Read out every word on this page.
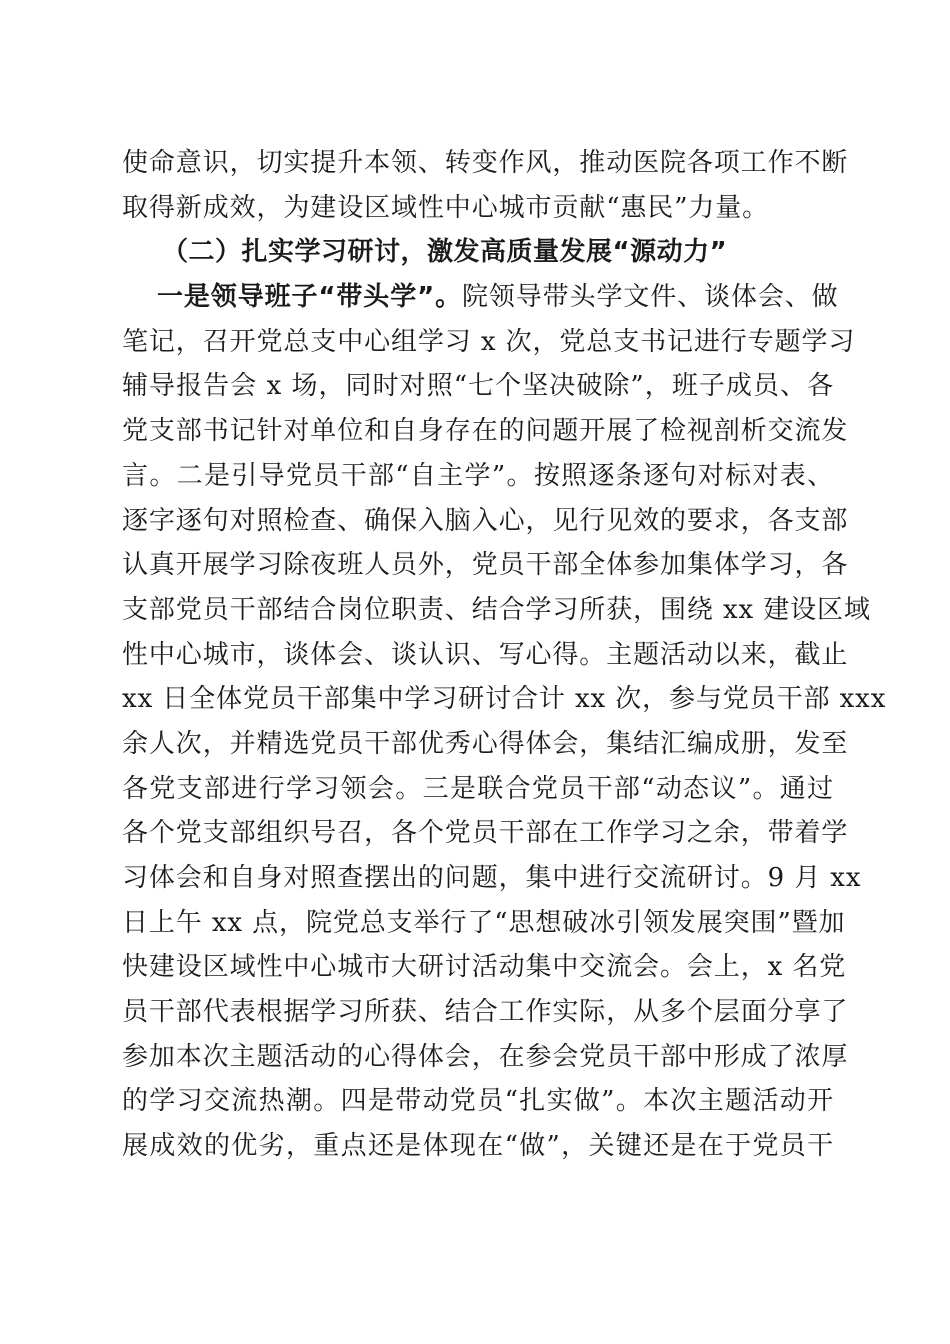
使命意识，切实提升本领、转变作风，推动医院各项工作不断
取得新成效，为建设区域性中心城市贡献“惠民”力量。
（二）扎实学习研讨，激发高质量发展“源动力”
一是领导班子“带头学”。院领导带头学文件、谈体会、做
笔记，召开党总支中心组学习 x 次，党总支书记进行专题学习
辅导报告会 x 场，同时对照“七个坚决破除”，班子成员、各
党支部书记针对单位和自身存在的问题开展了检视剖析交流发
言。二是引导党员干部“自主学”。按照逐条逐句对标对表、
逐字逐句对照检查、确保入脑入心，见行见效的要求，各支部
认真开展学习除夜班人员外，党员干部全体参加集体学习，各
支部党员干部结合岗位职责、结合学习所获，围绕 xx 建设区域
性中心城市，谈体会、谈认识、写心得。主题活动以来，截止
xx 日全体党员干部集中学习研讨合计 xx 次，参与党员干部 xxx
余人次，并精选党员干部优秀心得体会，集结汇编成册，发至
各党支部进行学习领会。三是联合党员干部“动态议”。通过
各个党支部组织号召，各个党员干部在工作学习之余，带着学
习体会和自身对照查摆出的问题，集中进行交流研讨。9 月 xx
日上午 xx 点，院党总支举行了“思想破冰引领发展突围”暨加
快建设区域性中心城市大研讨活动集中交流会。会上，x 名党
员干部代表根据学习所获、结合工作实际，从多个层面分享了
参加本次主题活动的心得体会，在参会党员干部中形成了浓厚
的学习交流热潮。四是带动党员“扎实做”。本次主题活动开
展成效的优劣，重点还是体现在“做”，关键还是在于党员干
